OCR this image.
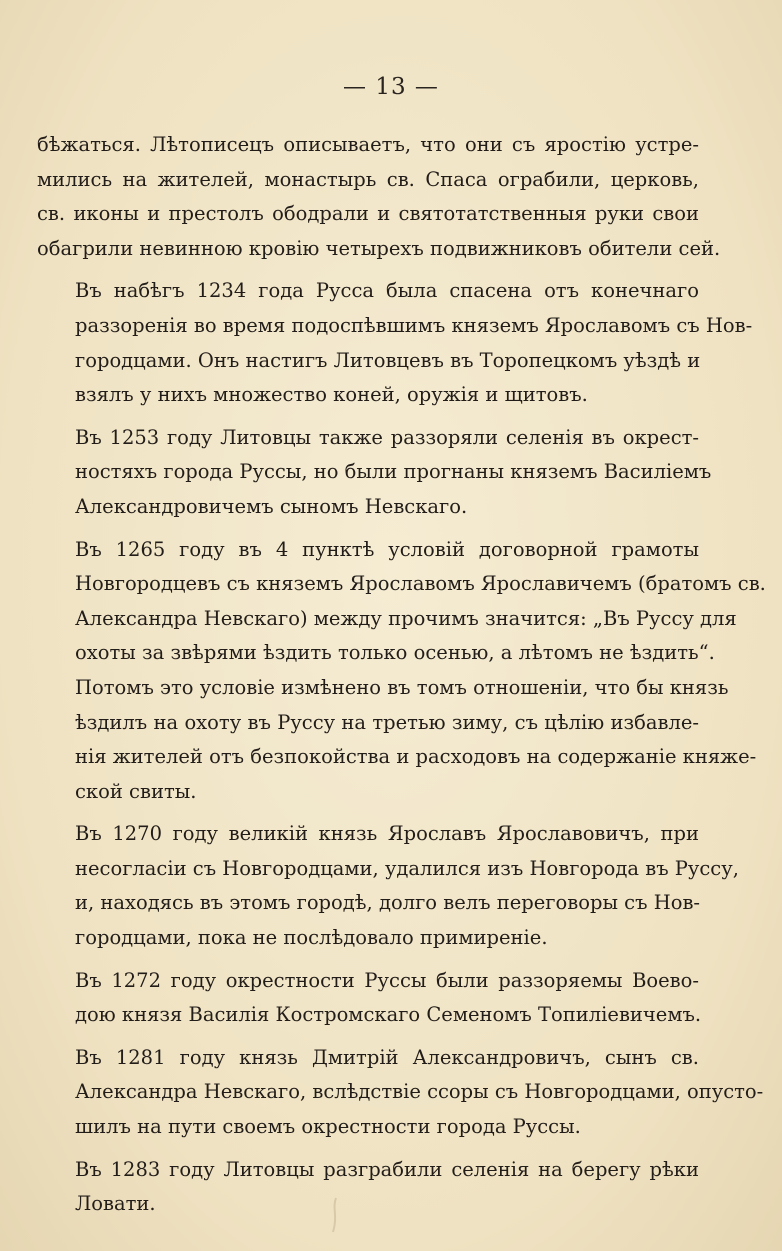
— 13 —

бѣжаться. Лѣтописецъ описываетъ, что они съ яростію устре-
мились на жителей, монастырь св. Спаса ограбили, церковь,
св. иконы и престолъ ободрали и святотатственныя руки свои
обагрили невинною кровію четырехъ подвижниковъ обители сей.

Въ набѣгъ 1234 года Русса была спасена отъ конечнаго
раззоренія во время подоспѣвшимъ княземъ Ярославомъ съ Нов-
городцами. Онъ настигъ Литовцевъ въ Торопецкомъ уѣздѣ и
взялъ у нихъ множество коней, оружія и щитовъ.

Въ 1253 году Литовцы также раззоряли селенія въ окрест-
ностяхъ города Руссы, но были прогнаны княземъ Василіемъ
Александровичемъ сыномъ Невскаго.

Въ 1265 году въ 4 пунктѣ условій договорной грамоты
Новгородцевъ съ княземъ Ярославомъ Ярославичемъ (братомъ св.
Александра Невскаго) между прочимъ значится: „Въ Руссу для
охоты за звѣрями ѣздить только осенью, а лѣтомъ не ѣздить“.
Потомъ это условіе измѣнено въ томъ отношеніи, что бы князь
ѣздилъ на охоту въ Руссу на третью зиму, съ цѣлію избавле-
нія жителей отъ безпокойства и расходовъ на содержаніе княже-
ской свиты.

Въ 1270 году великій князь Ярославъ Ярославовичъ, при
несогласіи съ Новгородцами, удалился изъ Новгорода въ Руссу,
и, находясь въ этомъ городѣ, долго велъ переговоры съ Нов-
городцами, пока не послѣдовало примиреніе.

Въ 1272 году окрестности Руссы были раззоряемы Воево-
дою князя Василія Костромскаго Семеномъ Топиліевичемъ.

Въ 1281 году князь Дмитрій Александровичъ, сынъ св.
Александра Невскаго, вслѣдствіе ссоры съ Новгородцами, опусто-
шилъ на пути своемъ окрестности города Руссы.

Въ 1283 году Литовцы разграбили селенія на берегу рѣки
Ловати.
